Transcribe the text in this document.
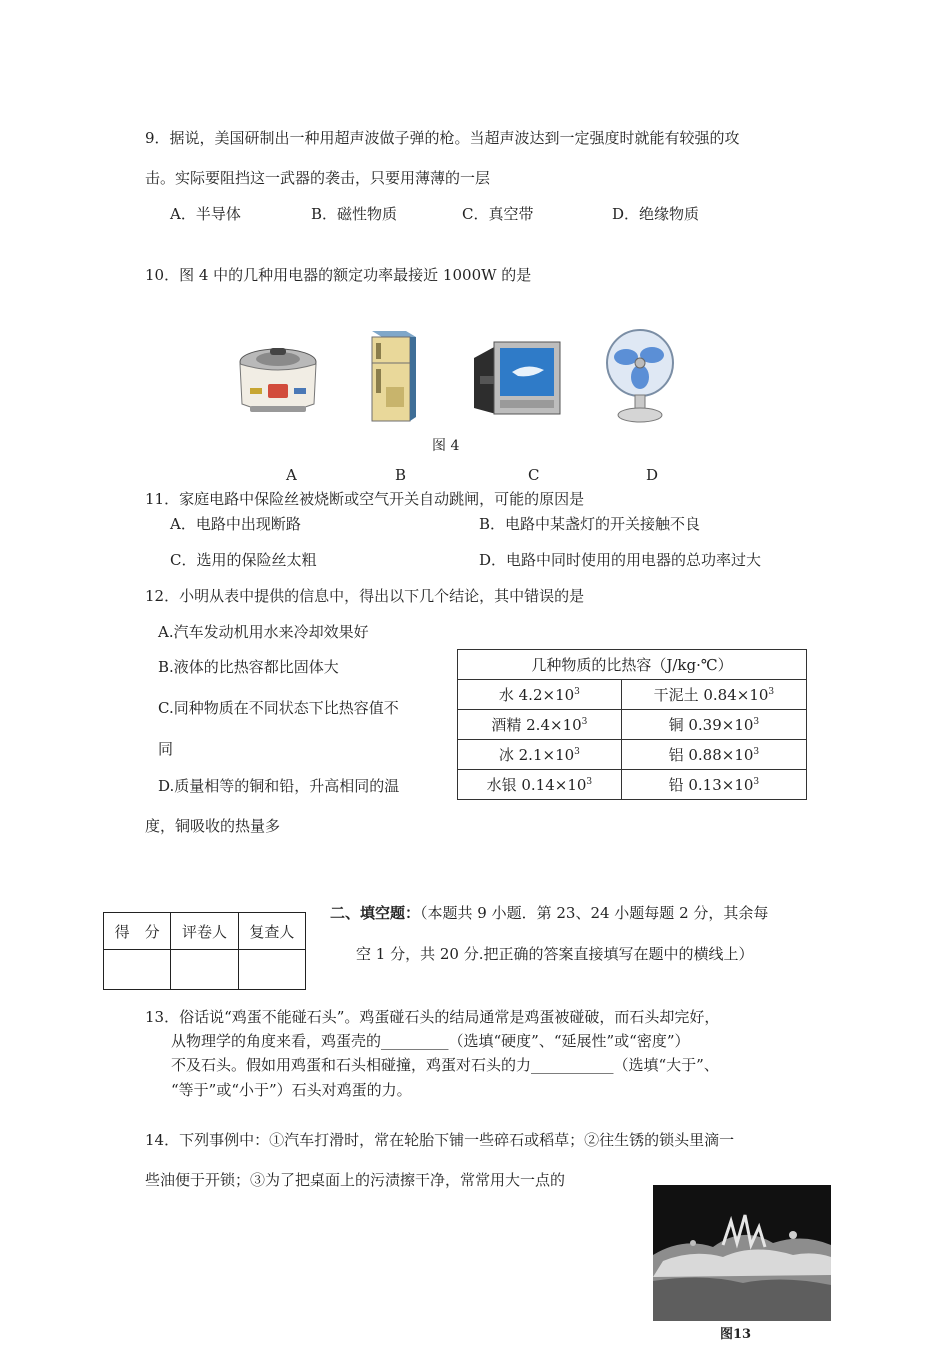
9．据说，美国研制出一种用超声波做子弹的枪。当超声波达到一定强度时就能有较强的攻
击。实际要阻挡这一武器的袭击，只要用薄薄的一层
A．半导体	B．磁性物质	C．真空带	D．绝缘物质
10．图 4 中的几种用电器的额定功率最接近 1000W 的是
图 4
A	B	C	D
11．家庭电路中保险丝被烧断或空气开关自动跳闸，可能的原因是
A．电路中出现断路	B．电路中某盏灯的开关接触不良
C．选用的保险丝太粗	D．电路中同时使用的用电器的总功率过大
12．小明从表中提供的信息中，得出以下几个结论，其中错误的是
A.汽车发动机用水来冷却效果好
B.液体的比热容都比固体大
C.同种物质在不同状态下比热容值不
同
D.质量相等的铜和铅，升高相同的温
度，铜吸收的热量多
几种物质的比热容（J/kg·℃）	
水 $4.2\times 10^3$	干泥土 $0.84\times 10^3$
酒精 $2.4\times 10^3$	铜 $0.39\times 10^3$
冰 $2.1\times 10^3$	铝 $0.88\times 10^3$
水银 $0.14\times 10^3$	铅 $0.13\times 10^3$
得　分	评卷人	复查人

二、填空题：（本题共 9 小题．第 23、24 小题每题 2 分，其余每
空 1 分，共 20 分.把正确的答案直接填写在题中的横线上）
13．俗话说“鸡蛋不能碰石头”。鸡蛋碰石头的结局通常是鸡蛋被碰破，而石头却完好，
从物理学的角度来看，鸡蛋壳的_________（选填“硬度”、“延展性”或“密度”）
不及石头。假如用鸡蛋和石头相碰撞，鸡蛋对石头的力___________（选填“大于”、
“等于”或“小于”）石头对鸡蛋的力。
14．下列事例中：①汽车打滑时，常在轮胎下铺一些碎石或稻草；②往生锈的锁头里滴一
些油便于开锁；③为了把桌面上的污渍擦干净，常常用大一点的
图13
